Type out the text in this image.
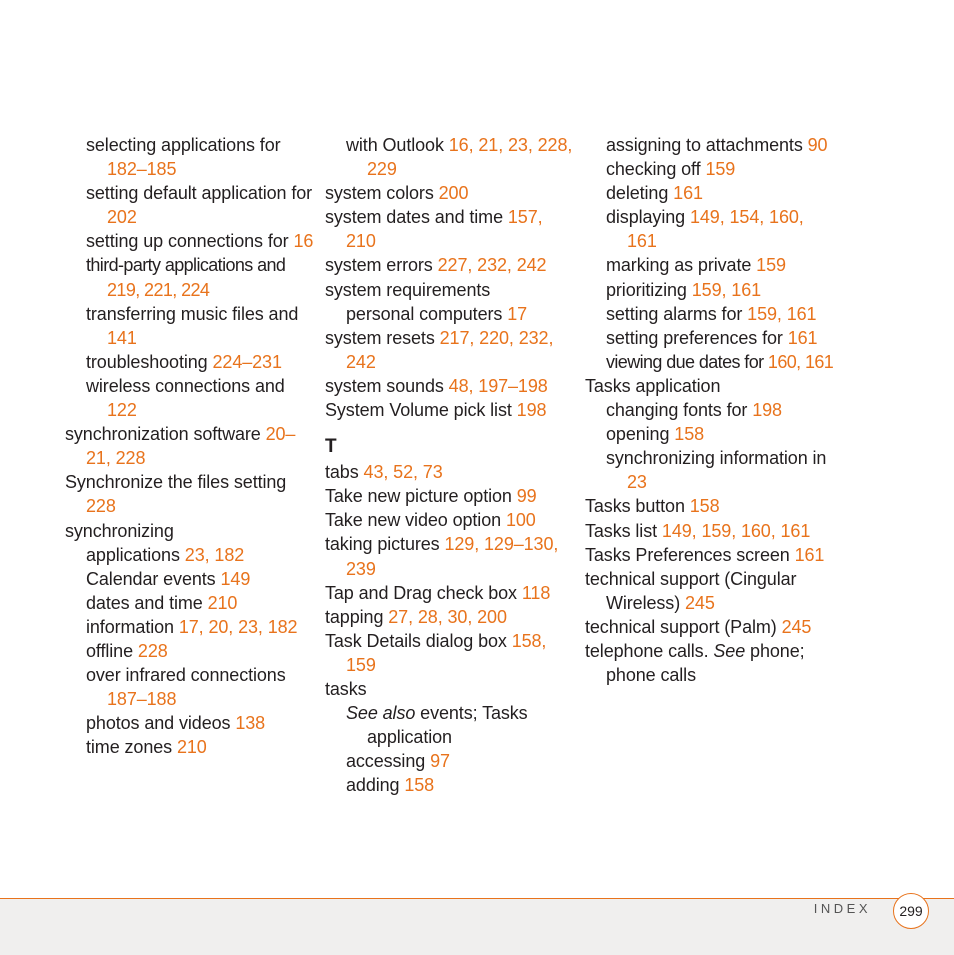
selecting applications for 182–185
setting default application for 202
setting up connections for 16
third-party applications and 219, 221, 224
transferring music files and 141
troubleshooting 224–231
wireless connections and 122
synchronization software 20–21, 228
Synchronize the files setting 228
synchronizing
applications 23, 182
Calendar events 149
dates and time 210
information 17, 20, 23, 182
offline 228
over infrared connections 187–188
photos and videos 138
time zones 210
with Outlook 16, 21, 23, 228, 229
system colors 200
system dates and time 157, 210
system errors 227, 232, 242
system requirements
personal computers 17
system resets 217, 220, 232, 242
system sounds 48, 197–198
System Volume pick list 198
T
tabs 43, 52, 73
Take new picture option 99
Take new video option 100
taking pictures 129, 129–130, 239
Tap and Drag check box 118
tapping 27, 28, 30, 200
Task Details dialog box 158, 159
tasks
See also events; Tasks application
accessing 97
adding 158
assigning to attachments 90
checking off 159
deleting 161
displaying 149, 154, 160, 161
marking as private 159
prioritizing 159, 161
setting alarms for 159, 161
setting preferences for 161
viewing due dates for 160, 161
Tasks application
changing fonts for 198
opening 158
synchronizing information in 23
Tasks button 158
Tasks list 149, 159, 160, 161
Tasks Preferences screen 161
technical support (Cingular Wireless) 245
technical support (Palm) 245
telephone calls. See phone; phone calls
INDEX	299
